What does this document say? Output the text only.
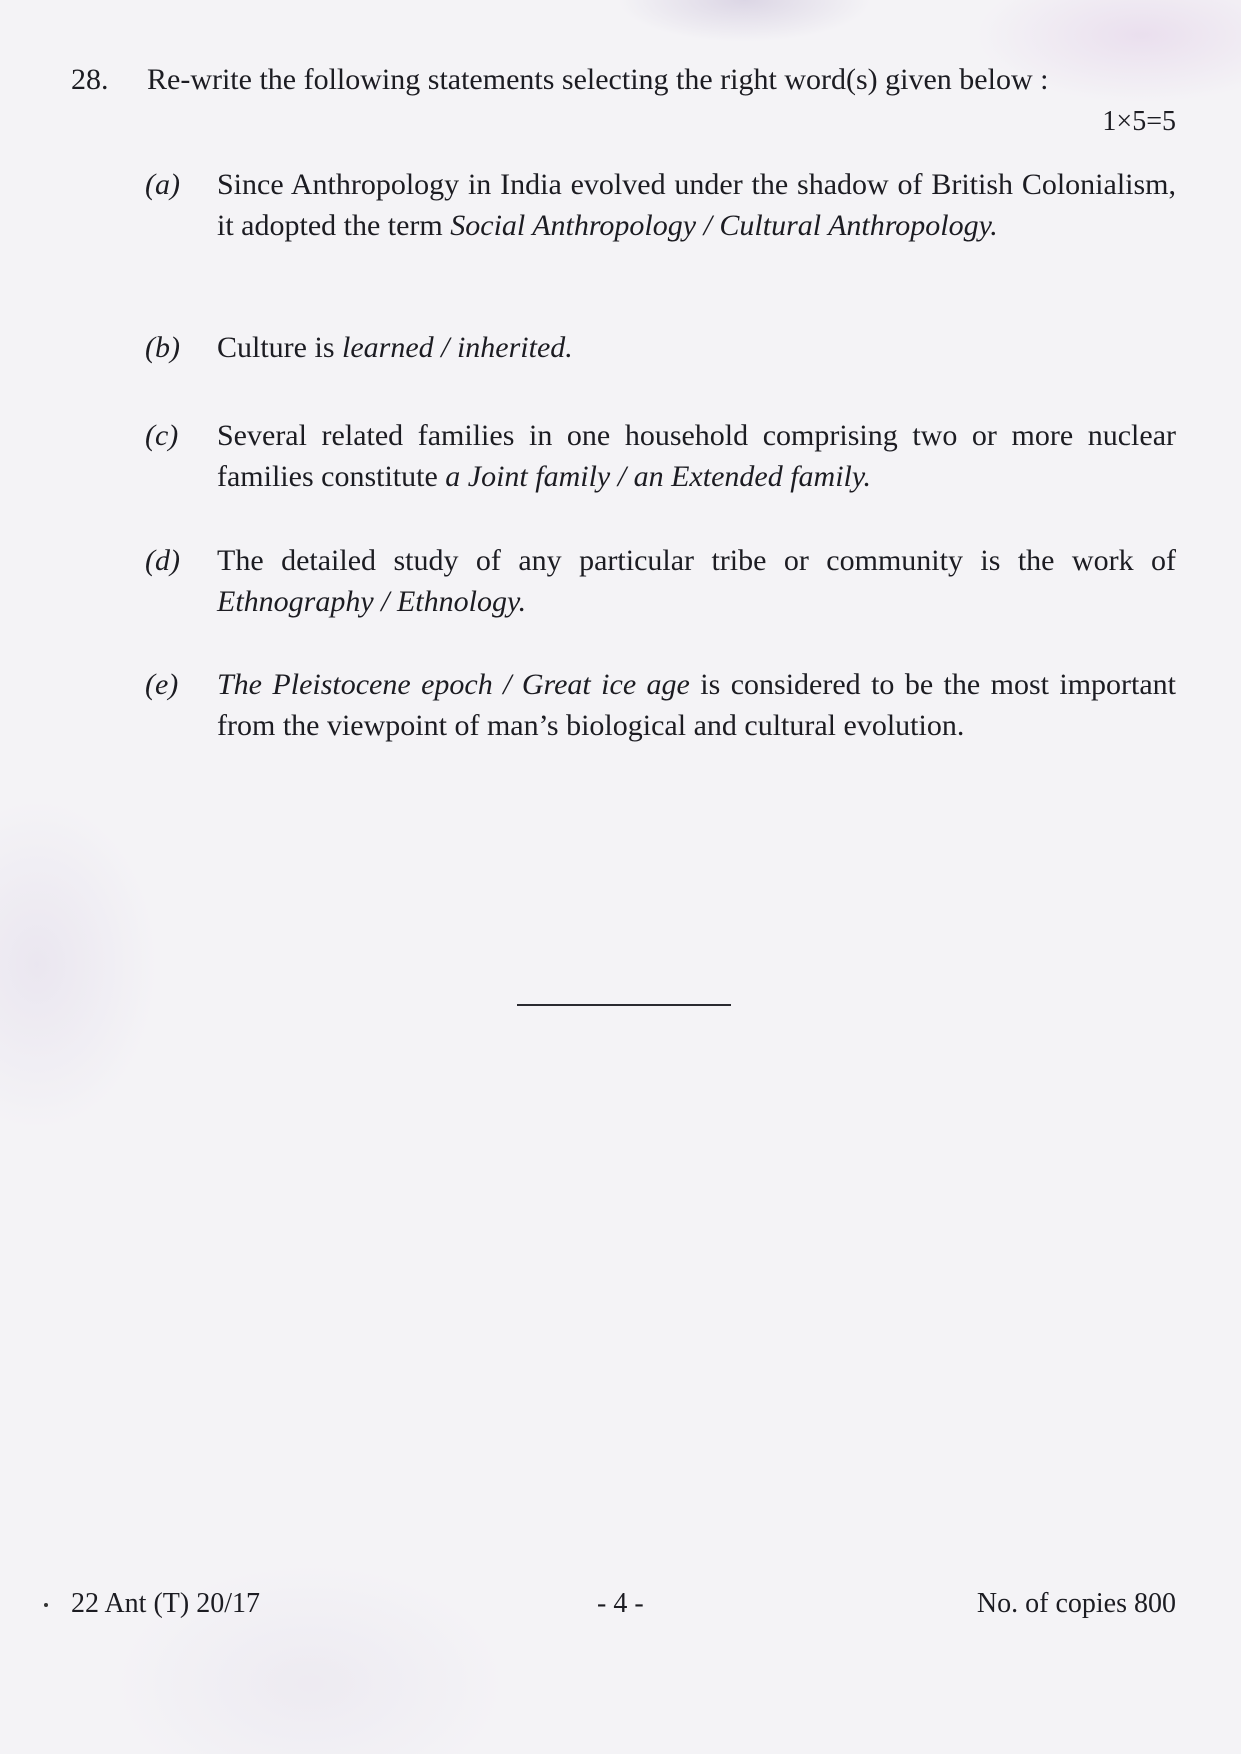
28. Re-write the following statements selecting the right word(s) given below :
1×5=5
(a) Since Anthropology in India evolved under the shadow of British Colonialism, it adopted the term Social Anthropology / Cultural Anthropology.
(b) Culture is learned / inherited.
(c) Several related families in one household comprising two or more nuclear families constitute a Joint family / an Extended family.
(d) The detailed study of any particular tribe or community is the work of Ethnography / Ethnology.
(e) The Pleistocene epoch / Great ice age is considered to be the most important from the viewpoint of man’s biological and cultural evolution.
22 Ant (T) 20/17	- 4 -	No. of copies 800
